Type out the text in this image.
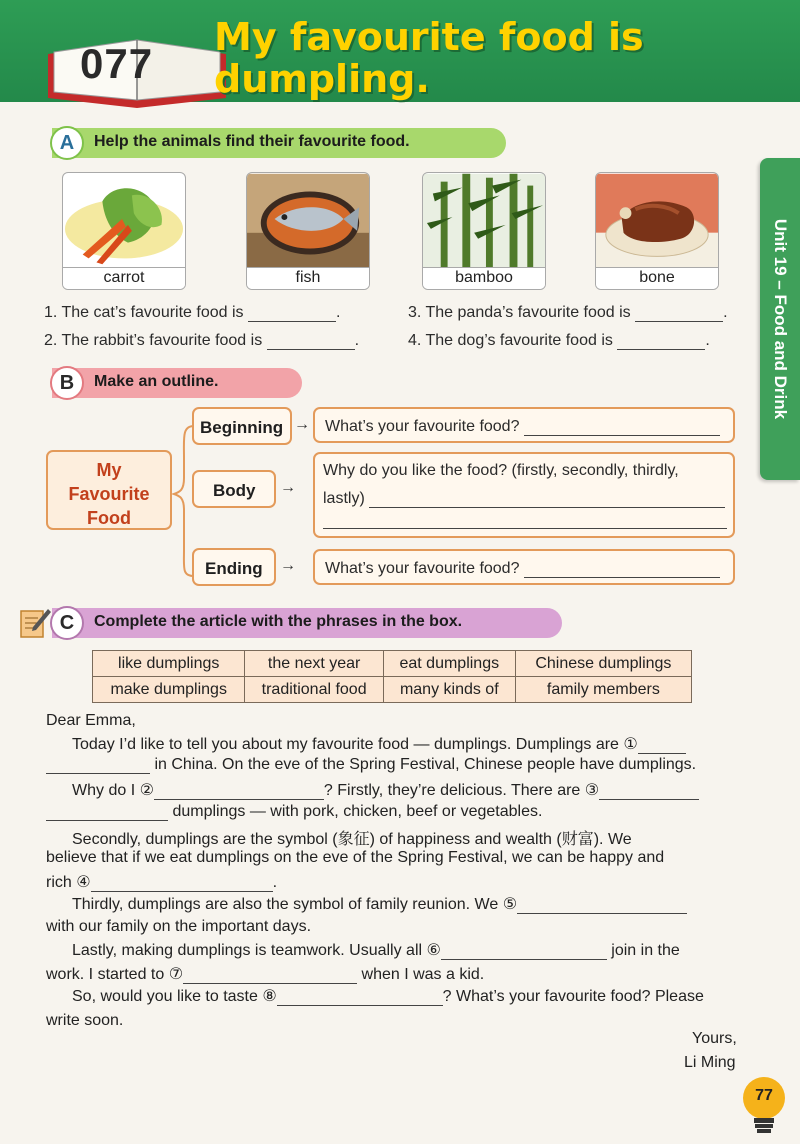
077
My favourite food is
dumpling.
Unit 19 – Food and Drink
A	Help the animals find their favourite food.
carrot	fish	bamboo	bone
1. The cat’s favourite food is	.
2. The rabbit’s favourite food is	.
3. The panda’s favourite food is	.
4. The dog’s favourite food is	.
B	Make an outline.
My
Favourite
Food
Beginning → What’s your favourite food?
Body →
Why do you like the food? (firstly, secondly, thirdly,
lastly)
Ending → What’s your favourite food?
C	Complete the article with the phrases in the box.
like dumplings	the next year	eat dumplings	Chinese dumplings
make dumplings	traditional food	many kinds of	family members
Dear Emma,
Today I’d like to tell you about my favourite food — dumplings. Dumplings are ①
in China. On the eve of the Spring Festival, Chinese people have dumplings.
Why do I ②	? Firstly, they’re delicious. There are ③
dumplings — with pork, chicken, beef or vegetables.
Secondly, dumplings are the symbol (象征) of happiness and wealth (财富). We
believe that if we eat dumplings on the eve of the Spring Festival, we can be happy and
rich ④	.
Thirdly, dumplings are also the symbol of family reunion. We ⑤
with our family on the important days.
Lastly, making dumplings is teamwork. Usually all ⑥	join in the
work. I started to ⑦	when I was a kid.
So, would you like to taste ⑧	? What’s your favourite food? Please
write soon.
Yours,
Li Ming
77
